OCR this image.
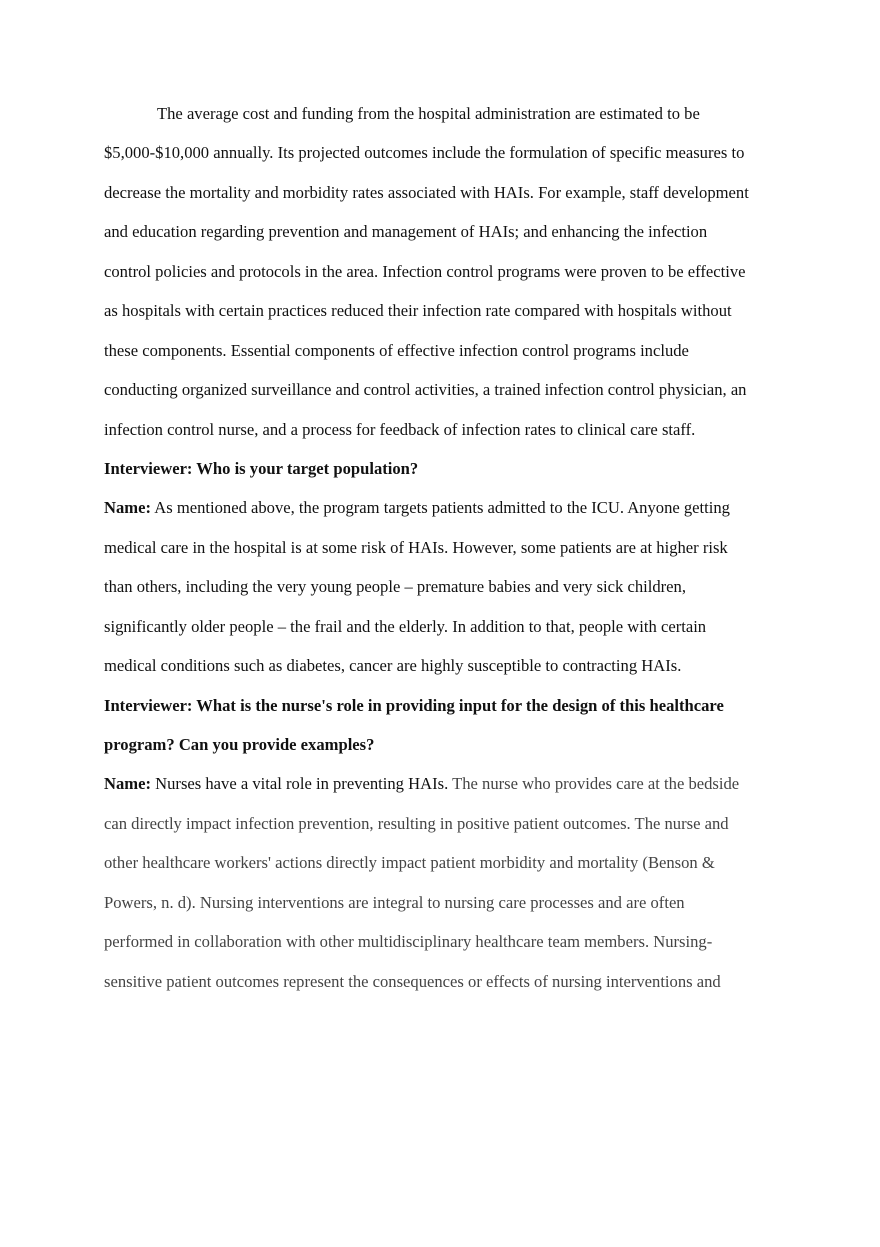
The average cost and funding from the hospital administration are estimated to be
$5,000-$10,000 annually. Its projected outcomes include the formulation of specific measures to
decrease the mortality and morbidity rates associated with HAIs. For example, staff development
and education regarding prevention and management of HAIs; and enhancing the infection
control policies and protocols in the area. Infection control programs were proven to be effective
as hospitals with certain practices reduced their infection rate compared with hospitals without
these components. Essential components of effective infection control programs include
conducting organized surveillance and control activities, a trained infection control physician, an
infection control nurse, and a process for feedback of infection rates to clinical care staff.
Interviewer: Who is your target population?
Name: As mentioned above, the program targets patients admitted to the ICU. Anyone getting
medical care in the hospital is at some risk of HAIs. However, some patients are at higher risk
than others, including the very young people – premature babies and very sick children,
significantly older people – the frail and the elderly. In addition to that, people with certain
medical conditions such as diabetes, cancer are highly susceptible to contracting HAIs.
Interviewer: What is the nurse's role in providing input for the design of this healthcare
program? Can you provide examples?
Name: Nurses have a vital role in preventing HAIs. The nurse who provides care at the bedside
can directly impact infection prevention, resulting in positive patient outcomes. The nurse and
other healthcare workers' actions directly impact patient morbidity and mortality (Benson &
Powers, n. d). Nursing interventions are integral to nursing care processes and are often
performed in collaboration with other multidisciplinary healthcare team members. Nursing-
sensitive patient outcomes represent the consequences or effects of nursing interventions and
